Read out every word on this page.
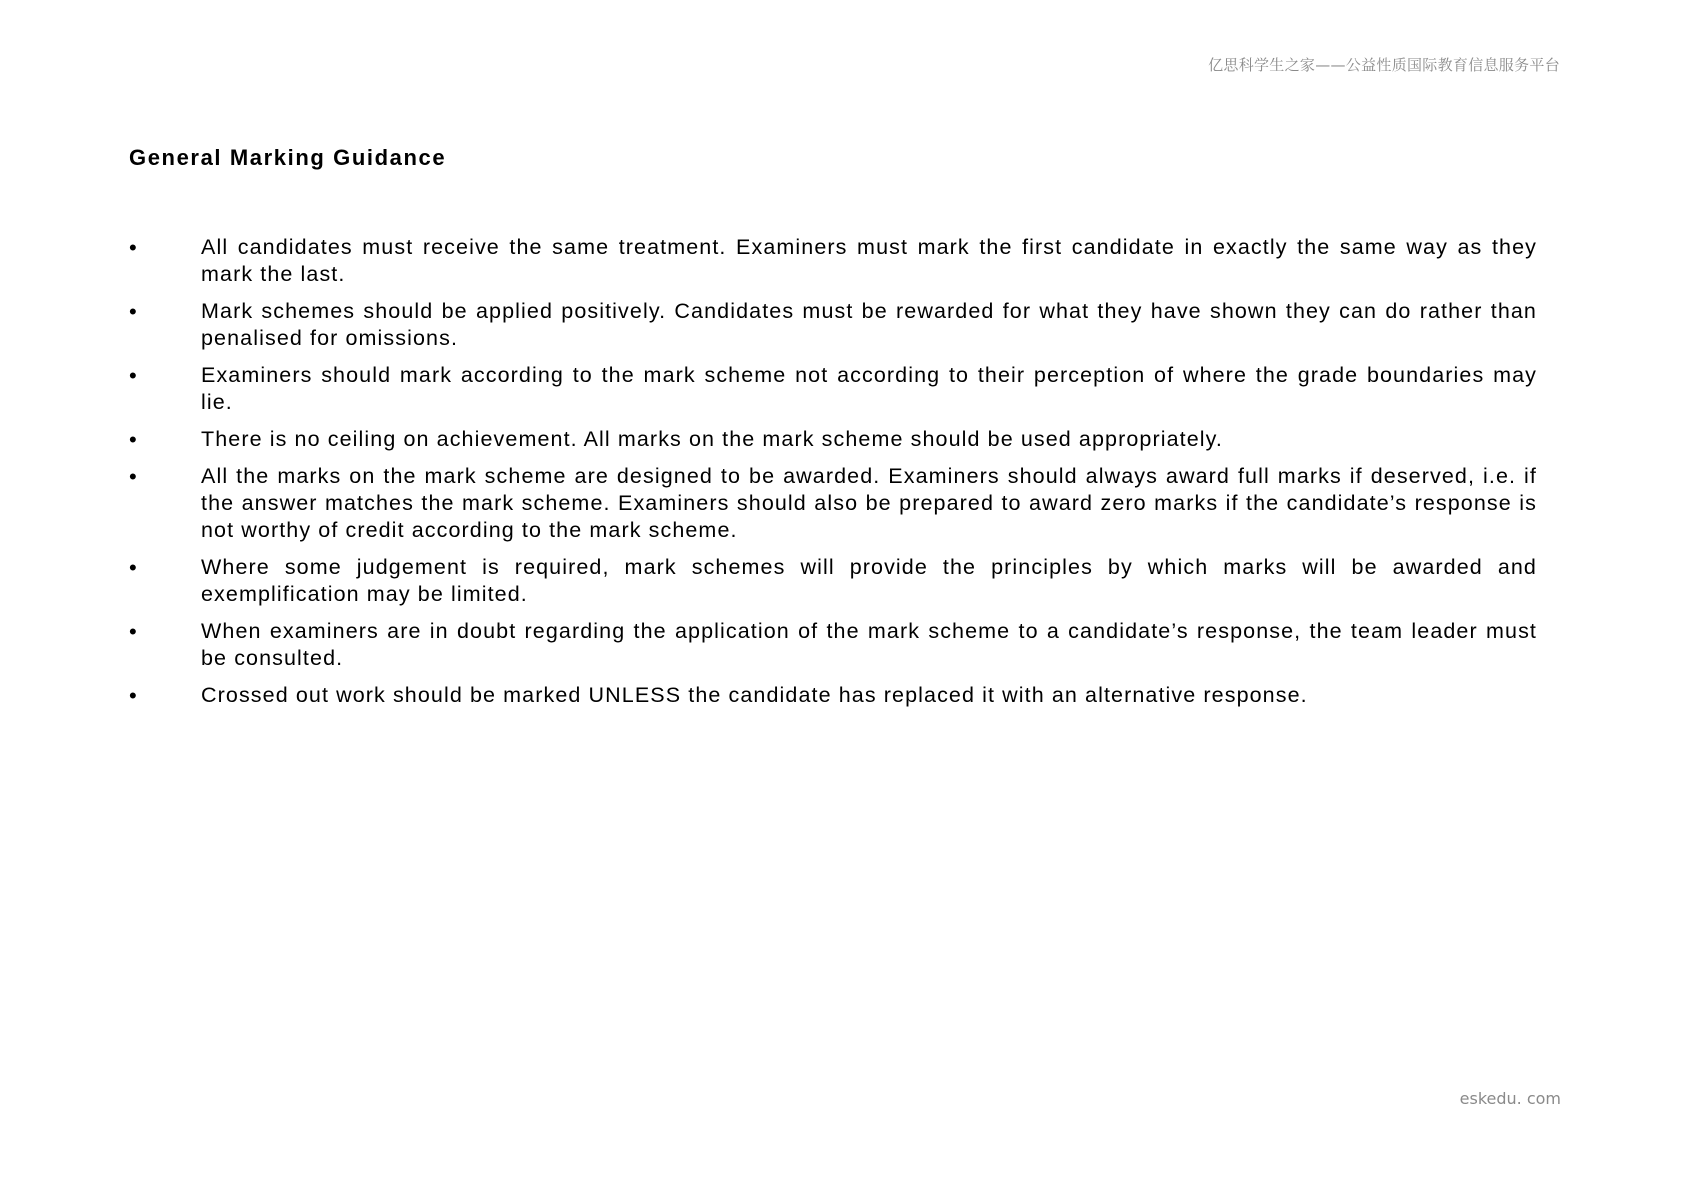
亿思科学生之家——公益性质国际教育信息服务平台
General Marking Guidance
•	All candidates must receive the same treatment. Examiners must mark the first candidate in exactly the same way as they mark the last.
•	Mark schemes should be applied positively. Candidates must be rewarded for what they have shown they can do rather than penalised for omissions.
•	Examiners should mark according to the mark scheme not according to their perception of where the grade boundaries may lie.
•	There is no ceiling on achievement. All marks on the mark scheme should be used appropriately.
•	All the marks on the mark scheme are designed to be awarded. Examiners should always award full marks if deserved, i.e. if the answer matches the mark scheme. Examiners should also be prepared to award zero marks if the candidate’s response is not worthy of credit according to the mark scheme.
•	Where some judgement is required, mark schemes will provide the principles by which marks will be awarded and exemplification may be limited.
•	When examiners are in doubt regarding the application of the mark scheme to a candidate’s response, the team leader must be consulted.
•	Crossed out work should be marked UNLESS the candidate has replaced it with an alternative response.
eskedu. com
